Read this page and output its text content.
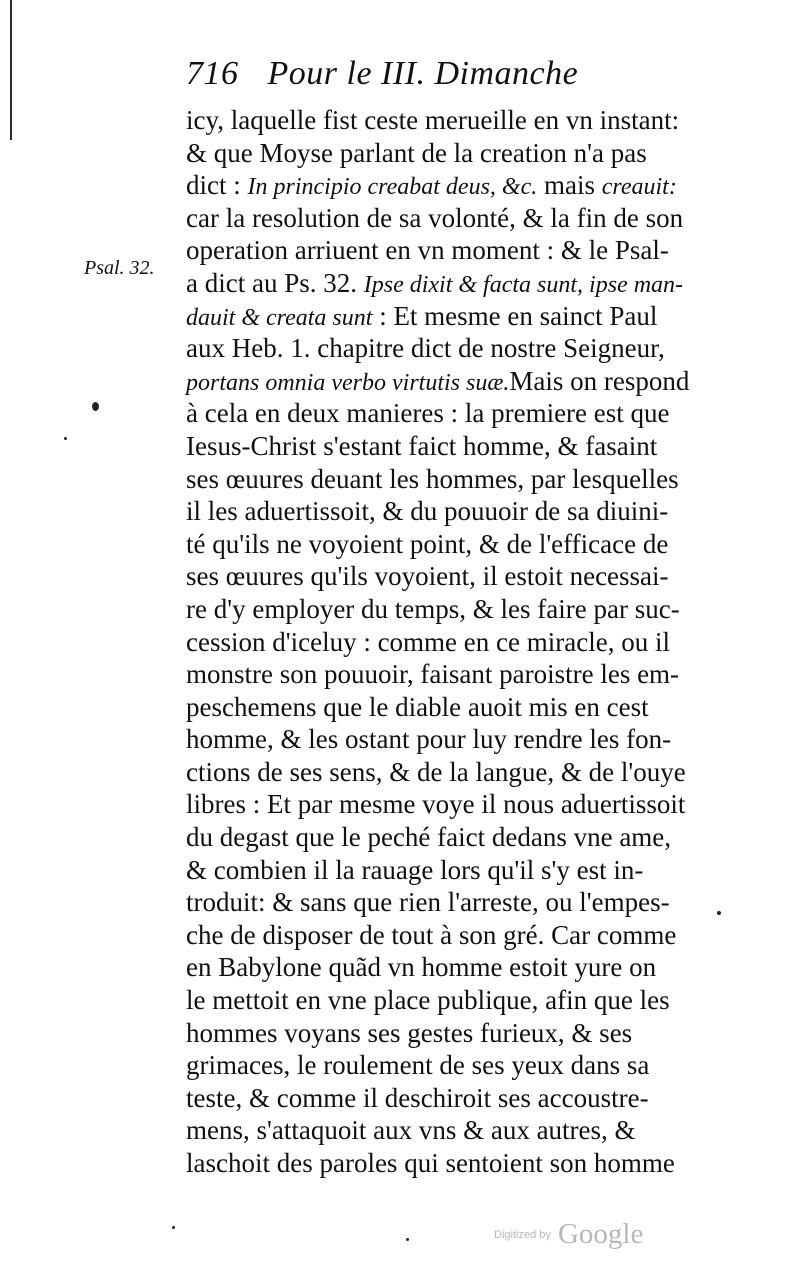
716 Pour le III. Dimanche
Psal. 32.
icy, laquelle fist ceste merueille en vn instant:
& que Moyse parlant de la creation n'a pas
dict : In principio creabat deus, &c. mais creauit:
car la resolution de sa volonté, & la fin de son
operation arriuent en vn moment : & le Psal-
a dict au Ps. 32. Ipse dixit & facta sunt, ipse man-
dauit & creata sunt : Et mesme en sainct Paul
aux Heb. 1. chapitre dict de nostre Seigneur,
portans omnia verbo virtutis suæ.Mais on respond
à cela en deux manieres : la premiere est que
Iesus-Christ s'estant faict homme, & fasaint
ses œuures deuant les hommes, par lesquelles
il les aduertissoit, & du pouuoir de sa diuini-
té qu'ils ne voyoient point, & de l'efficace de
ses œuures qu'ils voyoient, il estoit necessai-
re d'y employer du temps, & les faire par suc-
cession d'iceluy : comme en ce miracle, ou il
monstre son pouuoir, faisant paroistre les em-
peschemens que le diable auoit mis en cest
homme, & les ostant pour luy rendre les fon-
ctions de ses sens, & de la langue, & de l'ouye
libres : Et par mesme voye il nous aduertissoit
du degast que le peché faict dedans vne ame,
& combien il la rauage lors qu'il s'y est in-
troduit: & sans que rien l'arreste, ou l'empes-
che de disposer de tout à son gré. Car comme
en Babylone quãd vn homme estoit yure on
le mettoit en vne place publique, afin que les
hommes voyans ses gestes furieux, & ses
grimaces, le roulement de ses yeux dans sa
teste, & comme il deschiroit ses accoustre-
mens, s'attaquoit aux vns & aux autres, &
laschoit des paroles qui sentoient son homme
Digitized by Google
